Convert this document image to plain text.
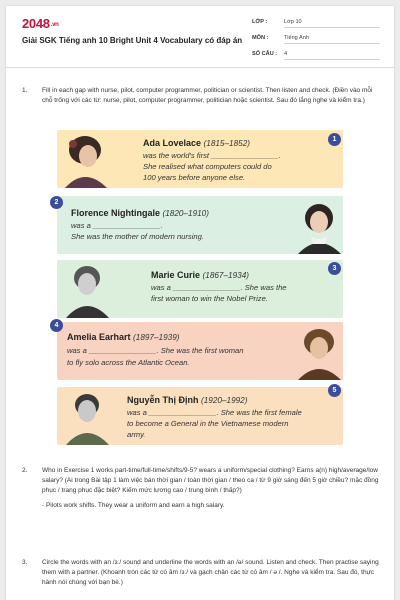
2048.vn
Giải SGK Tiếng anh 10 Bright Unit 4 Vocabulary có đáp án
LỚP :	Lớp 10
MÔN :	Tiếng Anh
SỐ CÂU : 4
1. Fill in each gap with nurse, pilot, computer programmer, politician or scientist. Then listen and check. (Điền vào mỗi chỗ trống với các từ: nurse, pilot, computer programmer, politician hoặc scientist. Sau đó lắng nghe và kiểm tra.)
Ada Lovelace (1815–1852)
was the world's first ________________.
She realised what computers could do
100 years before anyone else.
1
2
Florence Nightingale (1820–1910)
was a ________________.
She was the mother of modern nursing.
Marie Curie (1867–1934)
was a ________________. She was the
first woman to win the Nobel Prize.
3
4
Amelia Earhart (1897–1939)
was a ________________. She was the first woman
to fly solo across the Atlantic Ocean.
Nguyễn Thị Định (1920–1992)
was a ________________. She was the first female
to become a General in the Vietnamese modern
army.
5
2. Who in Exercise 1 works part-time/full-time/shifts/9-5? wears a uniform/special clothing? Earns a(n) high/average/low salary? (Ai trong Bài tập 1 làm việc bán thời gian / toàn thời gian / theo ca / từ 9 giờ sáng đến 5 giờ chiều? mặc đồng phục / trang phục đặc biệt? Kiếm mức lương cao / trung bình / thấp?)
- Pilots work shifts. They wear a uniform and earn a high salary.
3. Circle the words with an /ɜː/ sound and underline the words with an /ə/ sound. Listen and check. Then practise saying them with a partner. (Khoanh tròn các từ có âm /ɜː/ và gạch chân các từ có âm / ə /. Nghe và kiểm tra. Sau đó, thực hành nói chúng với bạn bè.)
